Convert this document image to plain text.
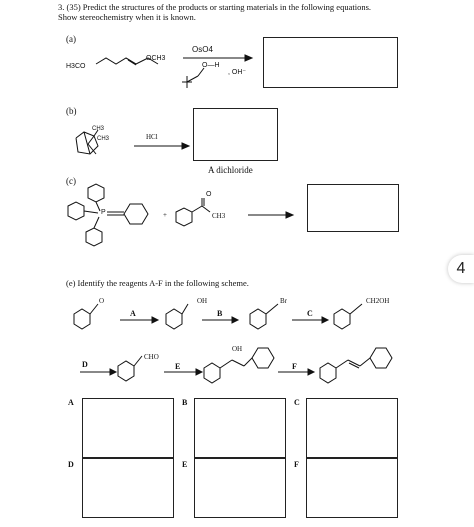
3. (35) Predict the structures of the products or starting materials in the following equations.
Show stereochemistry when it is known.
(a)
H3CO
OCH3
OsO4
O—H
, OH⁻
(b)
CH3
CH3	HCl
A dichloride
(c)
P	+
O
CH3
(e) Identify the reagents A-F in the following scheme.
O
A
OH
B
Br
C
CH2OH
D
CHO
E
OH
F
A	B	C
D	E	F
4
